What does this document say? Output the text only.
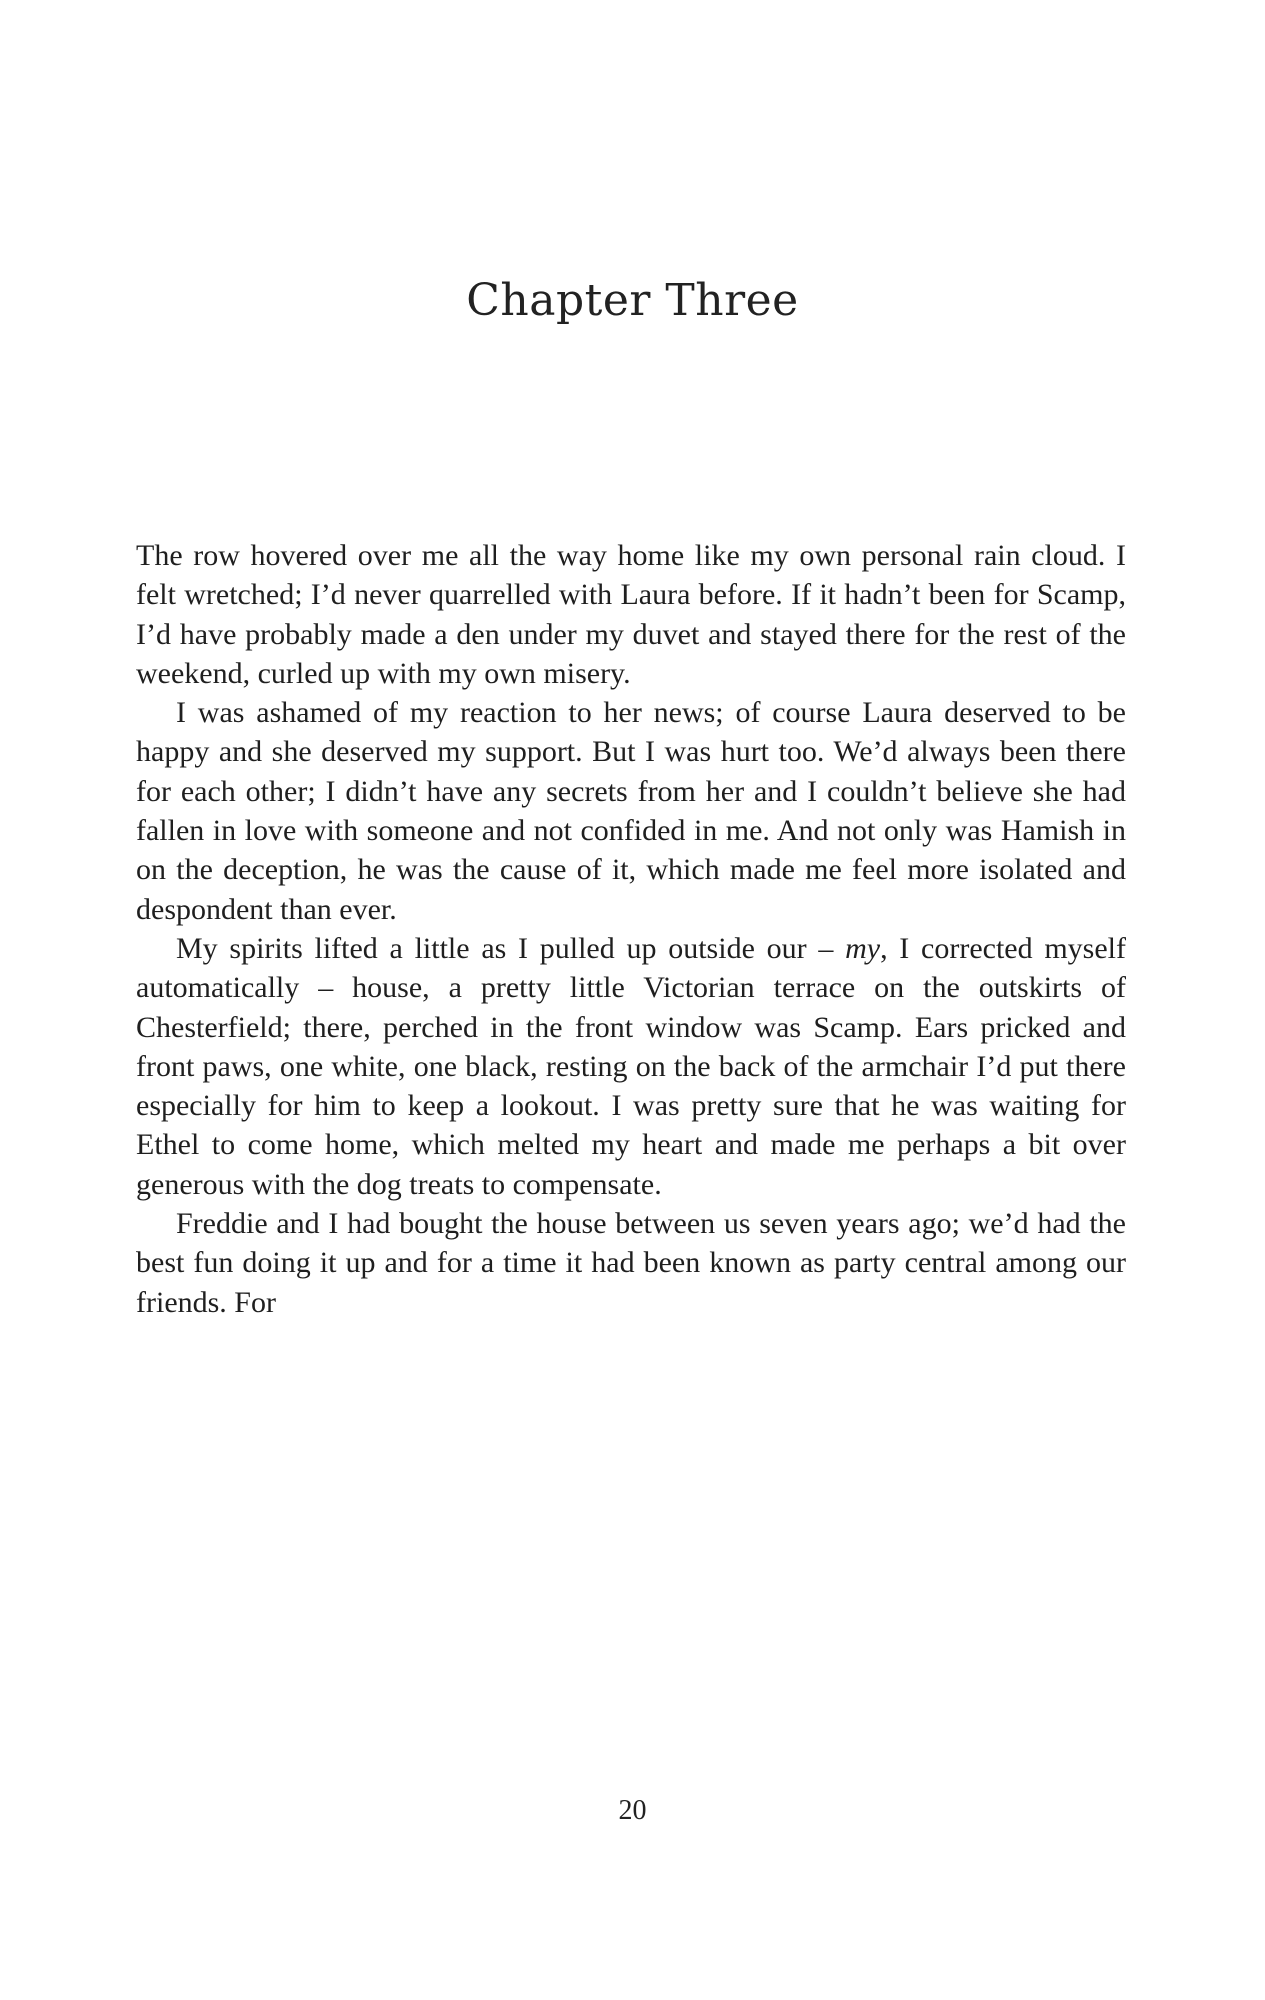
Chapter Three

The row hovered over me all the way home like my own personal rain cloud. I felt wretched; I’d never quarrelled with Laura before. If it hadn’t been for Scamp, I’d have probably made a den under my duvet and stayed there for the rest of the weekend, curled up with my own misery.

I was ashamed of my reaction to her news; of course Laura deserved to be happy and she deserved my support. But I was hurt too. We’d always been there for each other; I didn’t have any secrets from her and I couldn’t believe she had fallen in love with someone and not confided in me. And not only was Hamish in on the deception, he was the cause of it, which made me feel more isolated and despondent than ever.

My spirits lifted a little as I pulled up outside our – my, I corrected myself automatically – house, a pretty little Victorian terrace on the outskirts of Chesterfield; there, perched in the front window was Scamp. Ears pricked and front paws, one white, one black, resting on the back of the armchair I’d put there especially for him to keep a lookout. I was pretty sure that he was waiting for Ethel to come home, which melted my heart and made me perhaps a bit over generous with the dog treats to compensate.

Freddie and I had bought the house between us seven years ago; we’d had the best fun doing it up and for a time it had been known as party central among our friends. For

20
